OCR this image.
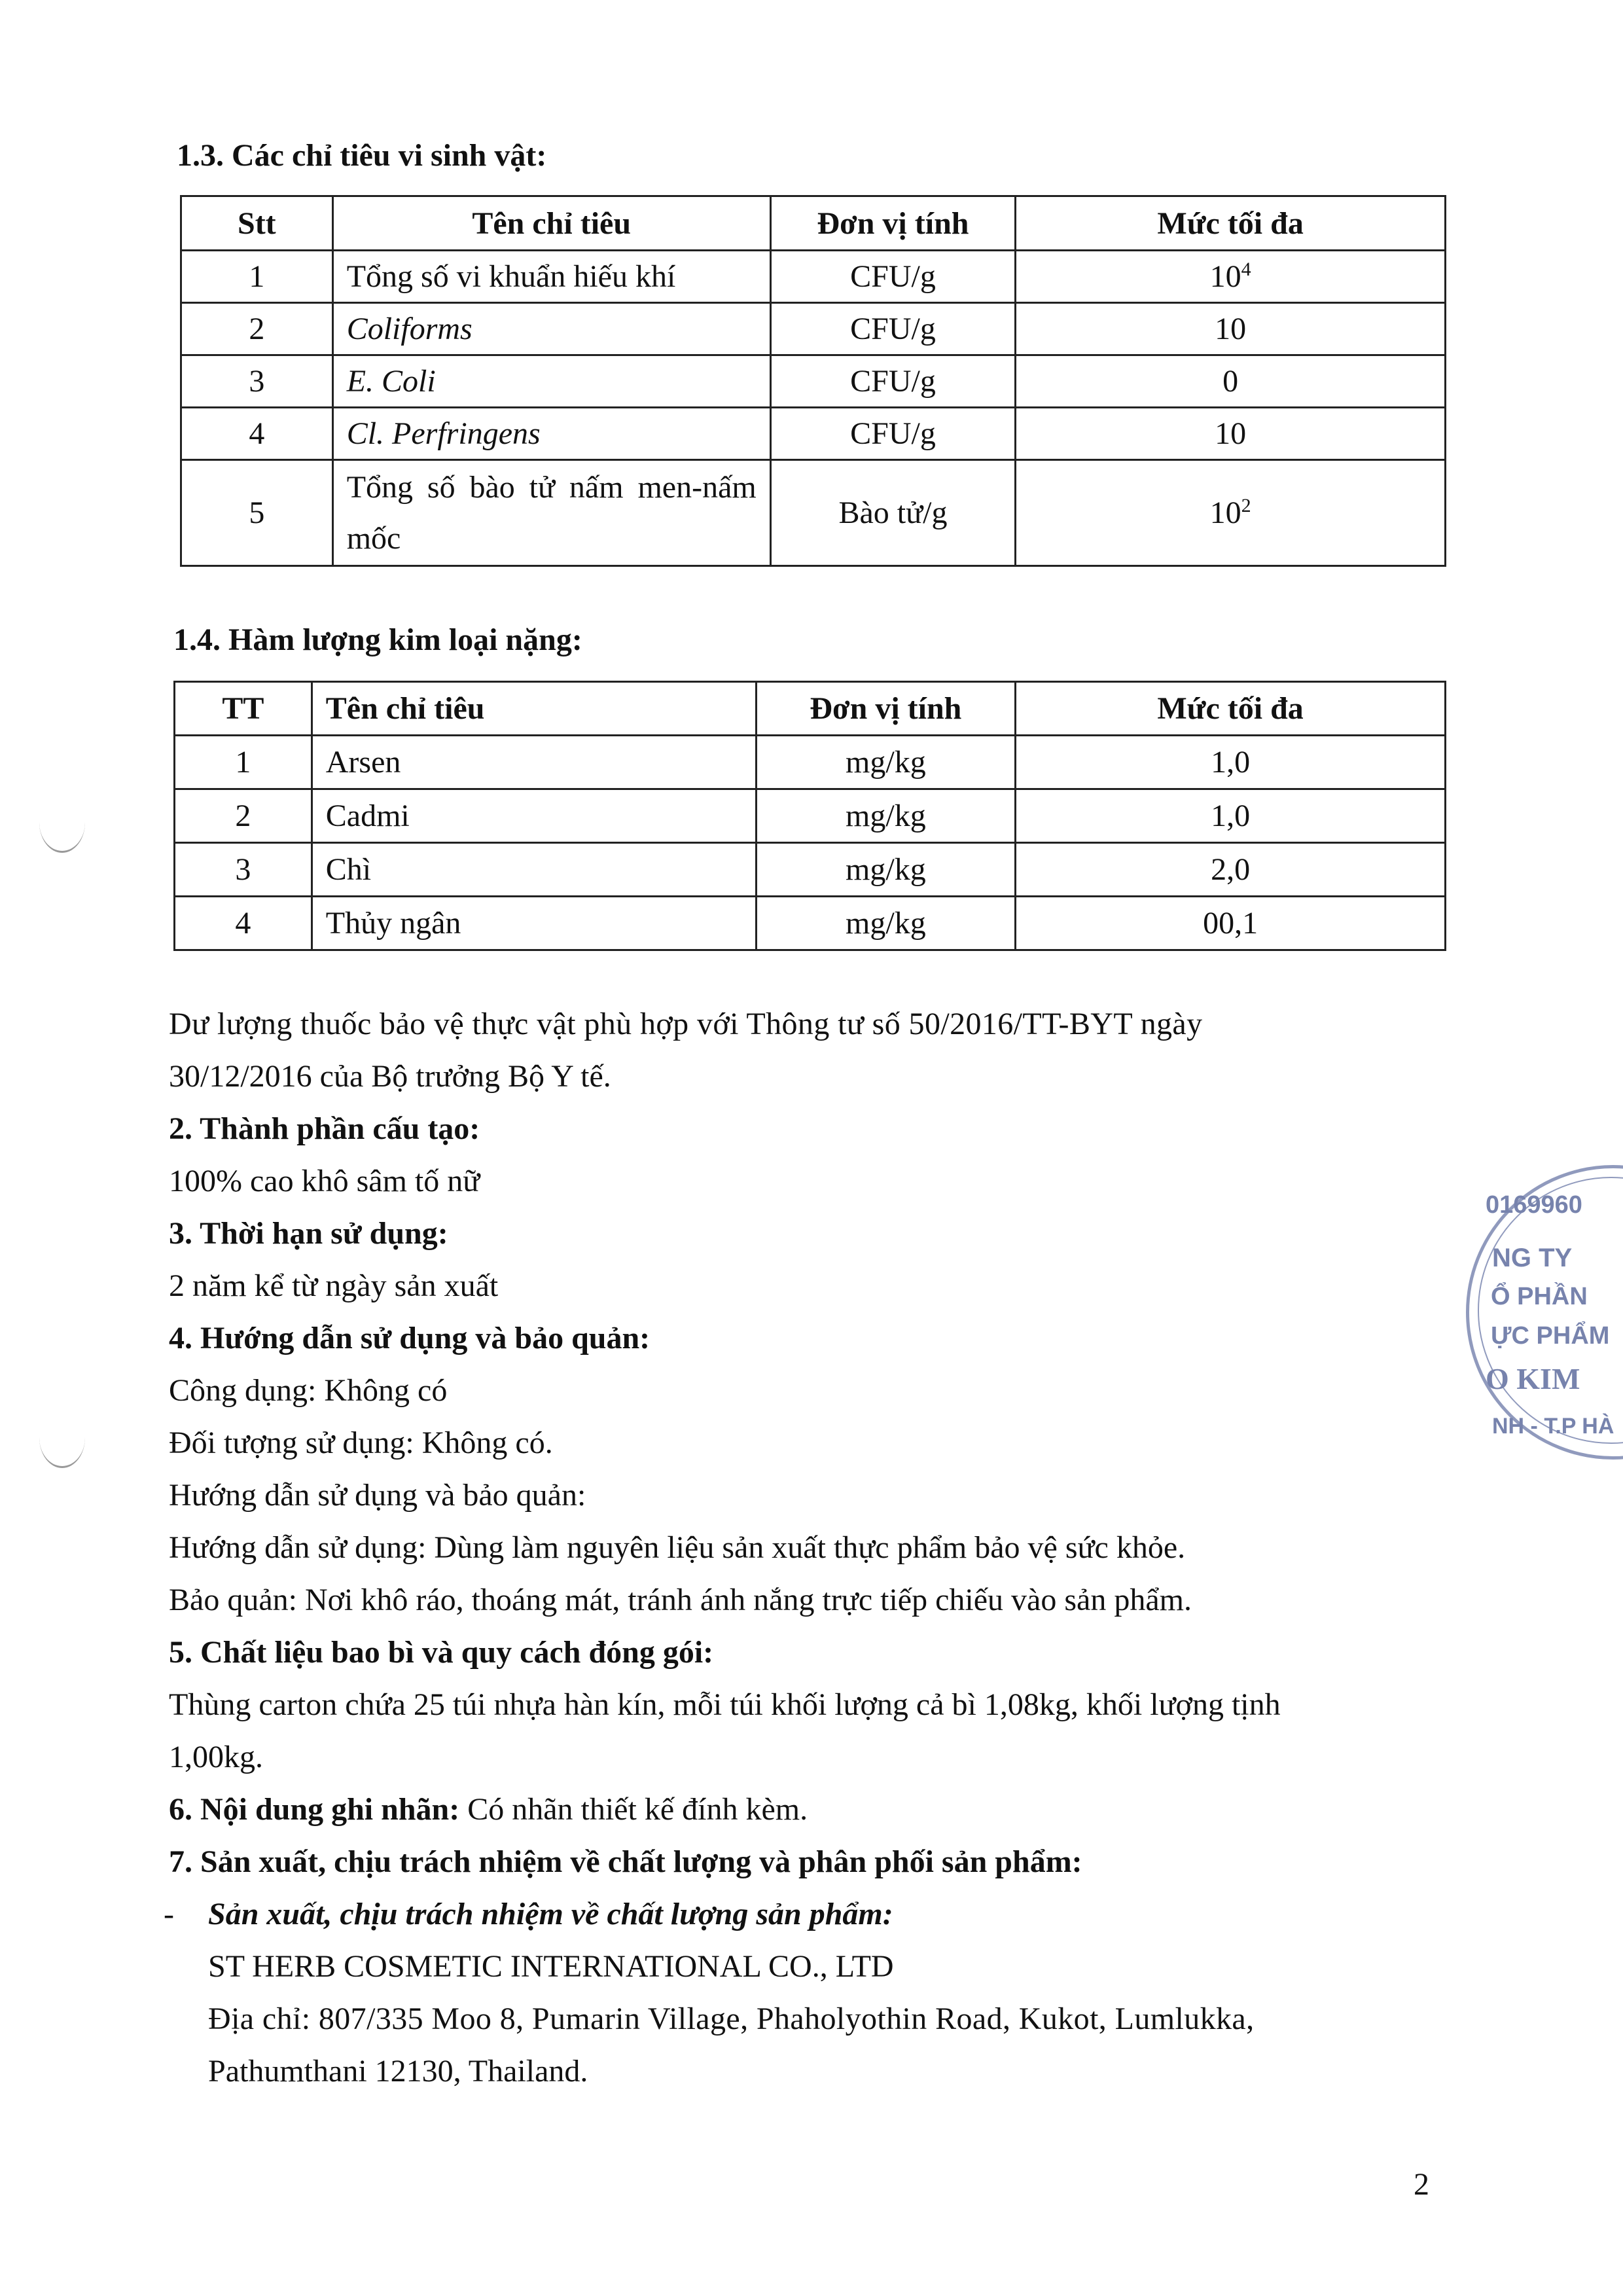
1.3. Các chỉ tiêu vi sinh vật:
Stt	Tên chỉ tiêu	Đơn vị tính	Mức tối đa
1	Tổng số vi khuẩn hiếu khí	CFU/g	$10^4$
2	Coliforms	CFU/g	10
3	E. Coli	CFU/g	0
4	Cl. Perfringens	CFU/g	10
5	Tổng số bào tử nấm men-nấm mốc	Bào tử/g	$10^2$
1.4. Hàm lượng kim loại nặng:
TT	Tên chỉ tiêu	Đơn vị tính	Mức tối đa
1	Arsen	mg/kg	1,0
2	Cadmi	mg/kg	1,0
3	Chì	mg/kg	2,0
4	Thủy ngân	mg/kg	00,1
Dư lượng thuốc bảo vệ thực vật phù hợp với Thông tư số 50/2016/TT-BYT ngày
30/12/2016 của Bộ trưởng Bộ Y tế.
2. Thành phần cấu tạo:
100% cao khô sâm tố nữ
3. Thời hạn sử dụng:
2 năm kể từ ngày sản xuất
4. Hướng dẫn sử dụng và bảo quản:
Công dụng: Không có
Đối tượng sử dụng: Không có.
Hướng dẫn sử dụng và bảo quản:
Hướng dẫn sử dụng: Dùng làm nguyên liệu sản xuất thực phẩm bảo vệ sức khỏe.
Bảo quản: Nơi khô ráo, thoáng mát, tránh ánh nắng trực tiếp chiếu vào sản phẩm.
5. Chất liệu bao bì và quy cách đóng gói:
Thùng carton chứa 25 túi nhựa hàn kín, mỗi túi khối lượng cả bì 1,08kg, khối lượng tịnh
1,00kg.
6. Nội dung ghi nhãn: Có nhãn thiết kế đính kèm.
7. Sản xuất, chịu trách nhiệm về chất lượng và phân phối sản phẩm:
- Sản xuất, chịu trách nhiệm về chất lượng sản phẩm:
ST HERB COSMETIC INTERNATIONAL CO., LTD
Địa chỉ: 807/335 Moo 8, Pumarin Village, Phaholyothin Road, Kukot, Lumlukka,
Pathumthani 12130, Thailand.
0169960
NG TY
Ổ PHẦN
ỰC PHẨM
O KIM
NH - T.P HÀ
2
